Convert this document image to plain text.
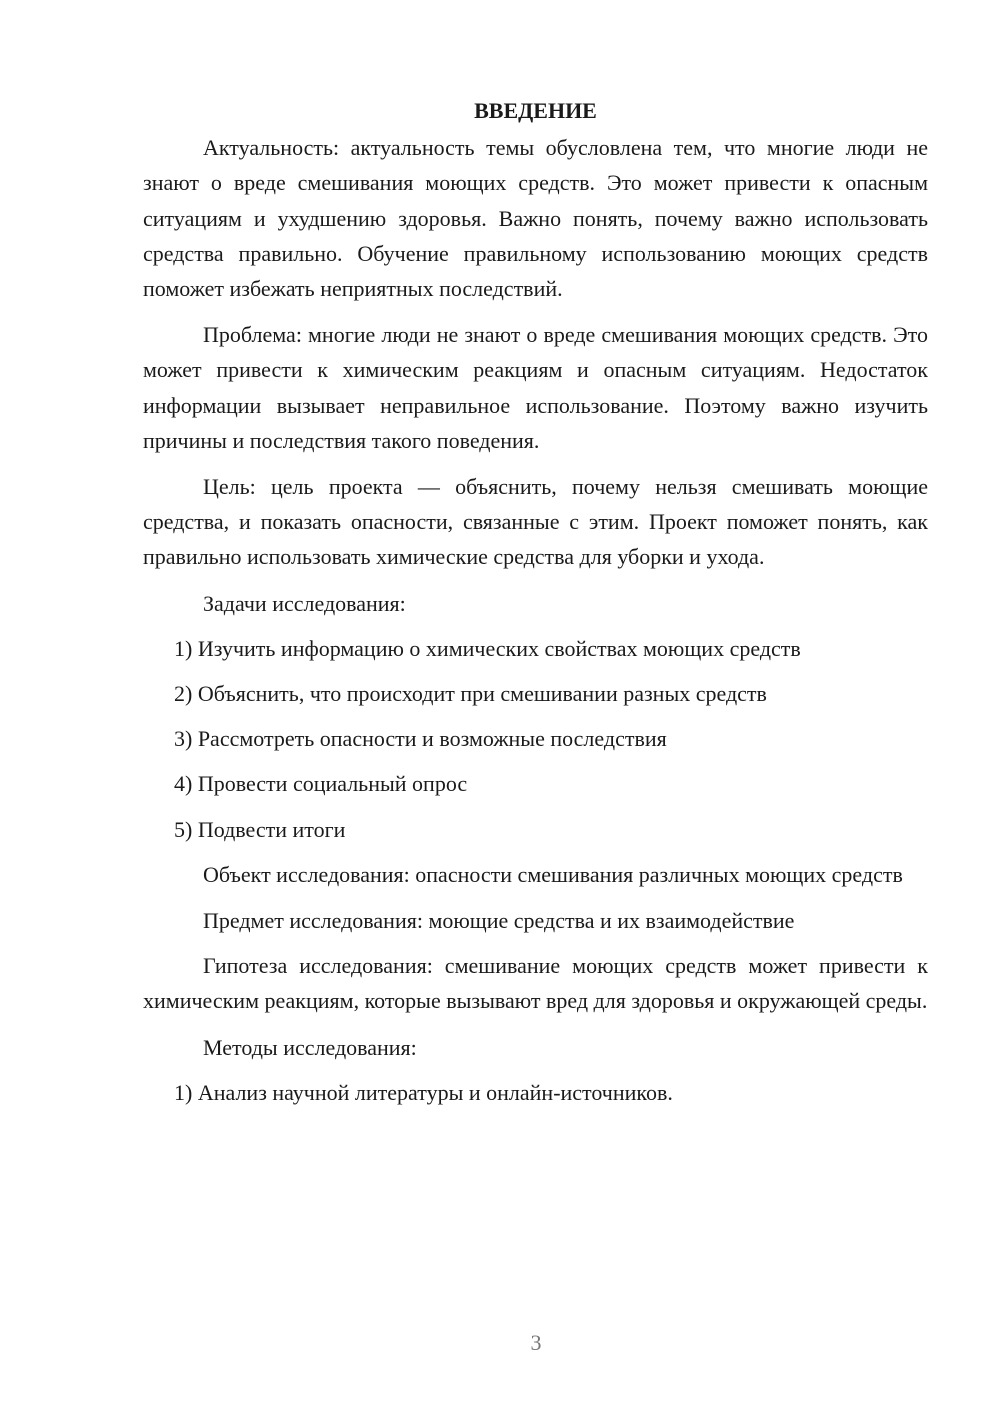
ВВЕДЕНИЕ

Актуальность: актуальность темы обусловлена тем, что многие люди не знают о вреде смешивания моющих средств. Это может привести к опасным ситуациям и ухудшению здоровья. Важно понять, почему важно использовать средства правильно. Обучение правильному использованию моющих средств поможет избежать неприятных последствий.

Проблема: многие люди не знают о вреде смешивания моющих средств. Это может привести к химическим реакциям и опасным ситуациям. Недостаток информации вызывает неправильное использование. Поэтому важно изучить причины и последствия такого поведения.

Цель: цель проекта — объяснить, почему нельзя смешивать моющие средства, и показать опасности, связанные с этим. Проект поможет понять, как правильно использовать химические средства для уборки и ухода.

Задачи исследования:
1) Изучить информацию о химических свойствах моющих средств
2) Объяснить, что происходит при смешивании разных средств
3) Рассмотреть опасности и возможные последствия
4) Провести социальный опрос
5) Подвести итоги

Объект исследования: опасности смешивания различных моющих средств

Предмет исследования: моющие средства и их взаимодействие

Гипотеза исследования: смешивание моющих средств может привести к химическим реакциям, которые вызывают вред для здоровья и окружающей среды.

Методы исследования:
1) Анализ научной литературы и онлайн-источников.
3
